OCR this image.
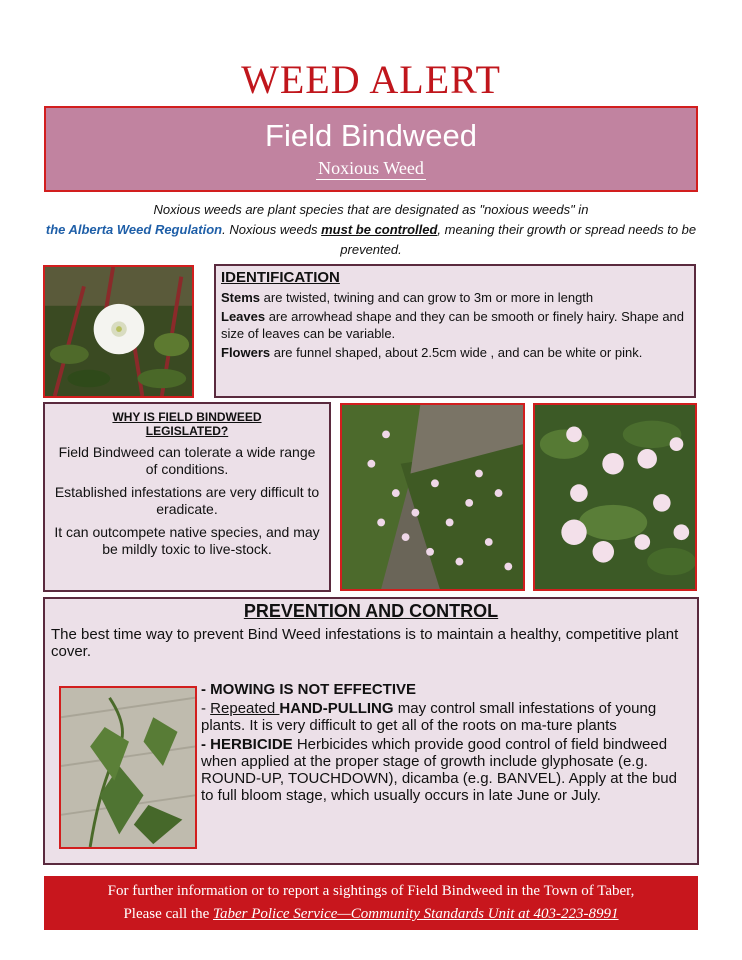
WEED ALERT
Field Bindweed
Noxious Weed
Noxious weeds are plant species that are designated as "noxious weeds" in
the Alberta Weed Regulation. Noxious weeds must be controlled, meaning their growth or spread needs to be prevented.
IDENTIFICATION

Stems are twisted, twining and can grow to 3m or more in length

Leaves are arrowhead shape and they can be smooth or finely hairy. Shape and size of leaves can be variable.

Flowers are funnel shaped, about 2.5cm wide , and can be white or pink.

WHY IS FIELD BINDWEED LEGISLATED?

Field Bindweed can tolerate a wide range of conditions.

Established infestations are very difficult to eradicate.

It can outcompete native species, and may be mildly toxic to live-stock.

PREVENTION AND CONTROL

The best time way to prevent Bind Weed infestations is to maintain a healthy, competitive plant cover.

- MOWING IS NOT EFFECTIVE

- Repeated HAND-PULLING may control small infestations of young plants. It is very difficult to get all of the roots on ma-ture plants

- HERBICIDE Herbicides which provide good control of field bindweed when applied at the proper stage of growth include glyphosate (e.g. ROUND-UP, TOUCHDOWN), dicamba (e.g. BANVEL). Apply at the bud to full bloom stage, which usually occurs in late June or July.

For further information or to report a sightings of Field Bindweed in the Town of Taber,
Please call the Taber Police Service—Community Standards Unit at 403-223-8991
